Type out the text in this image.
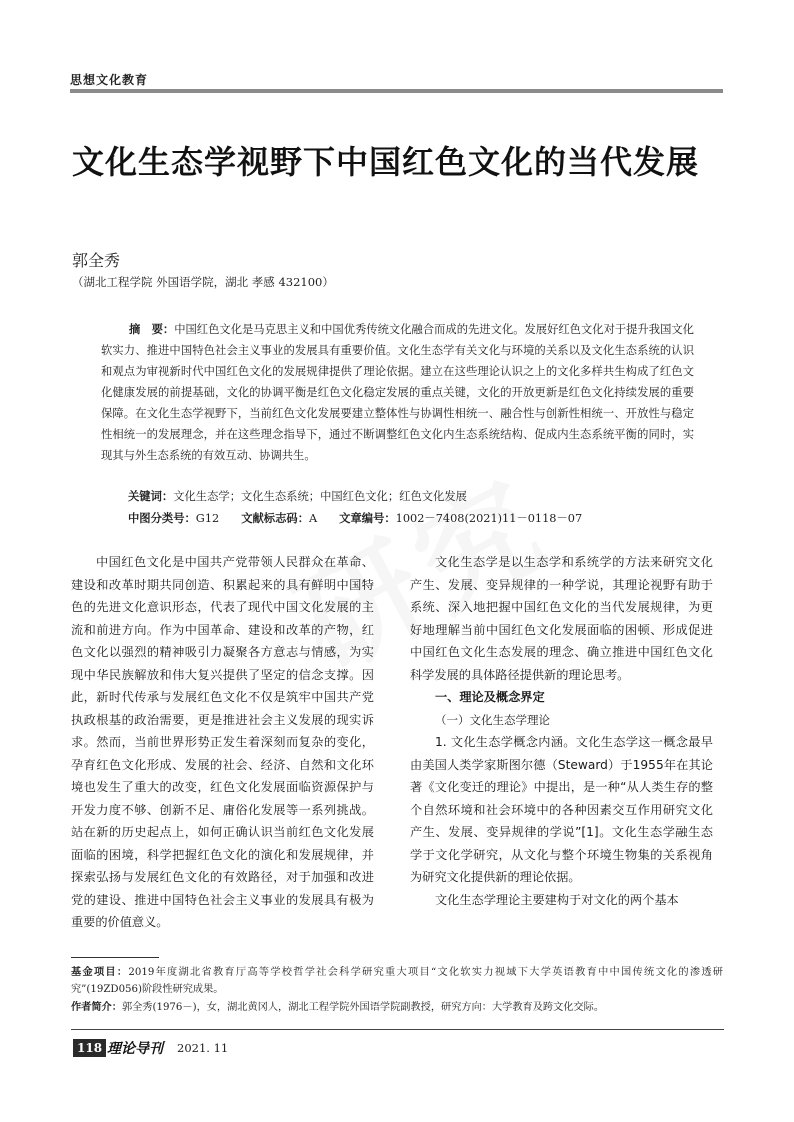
思想文化教育
文化生态学视野下中国红色文化的当代发展
郭全秀
（湖北工程学院 外国语学院，湖北 孝感 432100）
摘　要：中国红色文化是马克思主义和中国优秀传统文化融合而成的先进文化。发展好红色文化对于提升我国文化软实力、推进中国特色社会主义事业的发展具有重要价值。文化生态学有关文化与环境的关系以及文化生态系统的认识和观点为审视新时代中国红色文化的发展规律提供了理论依据。建立在这些理论认识之上的文化多样共生构成了红色文化健康发展的前提基础，文化的协调平衡是红色文化稳定发展的重点关键，文化的开放更新是红色文化持续发展的重要保障。在文化生态学视野下，当前红色文化发展要建立整体性与协调性相统一、融合性与创新性相统一、开放性与稳定性相统一的发展理念，并在这些理念指导下，通过不断调整红色文化内生态系统结构、促成内生态系统平衡的同时，实现其与外生态系统的有效互动、协调共生。
关键词：文化生态学；文化生态系统；中国红色文化；红色文化发展
中图分类号：G12 文献标志码：A 文章编号：1002－7408(2021)11－0118－07

中国红色文化是中国共产党带领人民群众在革命、建设和改革时期共同创造、积累起来的具有鲜明中国特色的先进文化意识形态，代表了现代中国文化发展的主流和前进方向。作为中国革命、建设和改革的产物，红色文化以强烈的精神吸引力凝聚各方意志与情感，为实现中华民族解放和伟大复兴提供了坚定的信念支撑。因此，新时代传承与发展红色文化不仅是筑牢中国共产党执政根基的政治需要，更是推进社会主义发展的现实诉求。然而，当前世界形势正发生着深刻而复杂的变化，孕育红色文化形成、发展的社会、经济、自然和文化环境也发生了重大的改变，红色文化发展面临资源保护与开发力度不够、创新不足、庸俗化发展等一系列挑战。站在新的历史起点上，如何正确认识当前红色文化发展面临的困境，科学把握红色文化的演化和发展规律，并探索弘扬与发展红色文化的有效路径，对于加强和改进党的建设、推进中国特色社会主义事业的发展具有极为重要的价值意义。

文化生态学是以生态学和系统学的方法来研究文化产生、发展、变异规律的一种学说，其理论视野有助于系统、深入地把握中国红色文化的当代发展规律，为更好地理解当前中国红色文化发展面临的困顿、形成促进中国红色文化生态发展的理念、确立推进中国红色文化科学发展的具体路径提供新的理论思考。

一、理论及概念界定
（一）文化生态学理论

1. 文化生态学概念内涵。文化生态学这一概念最早由美国人类学家斯图尔德（Steward）于1955年在其论著《文化变迁的理论》中提出，是一种“从人类生存的整个自然环境和社会环境中的各种因素交互作用研究文化产生、发展、变异规律的学说”[1]。文化生态学融生态学于文化学研究，从文化与整个环境生物集的关系视角为研究文化提供新的理论依据。

文化生态学理论主要建构于对文化的两个基本

基金项目：2019年度湖北省教育厅高等学校哲学社会科学研究重大项目“文化软实力视域下大学英语教育中中国传统文化的渗透研究”(19ZD056)阶段性研究成果。
作者简介：郭全秀(1976－)，女，湖北黄冈人，湖北工程学院外国语学院副教授，研究方向：大学教育及跨文化交际。
118 理论导刊 2021. 11
